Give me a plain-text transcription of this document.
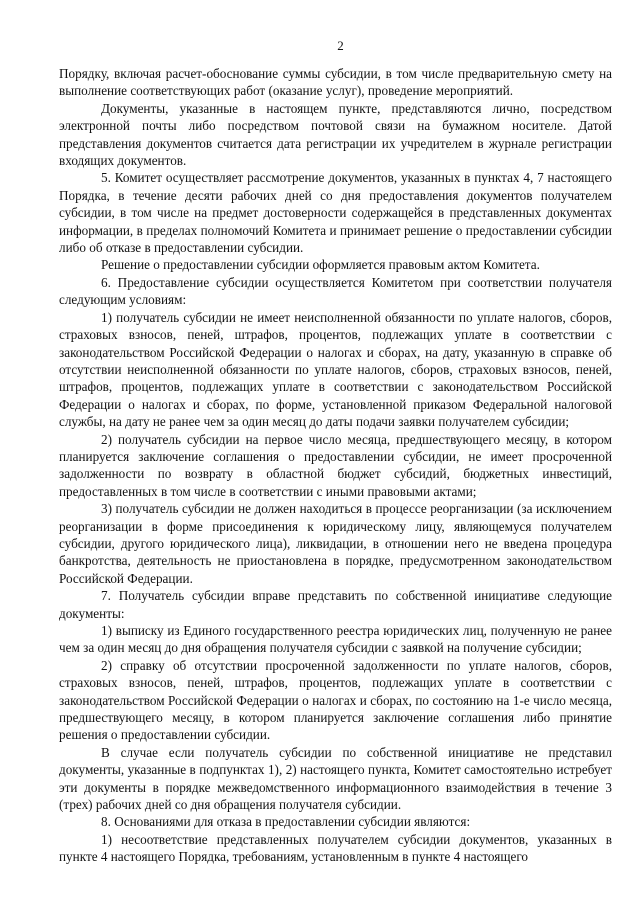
2

Порядку, включая расчет-обоснование суммы субсидии, в том числе предварительную смету на выполнение соответствующих работ (оказание услуг), проведение мероприятий.

Документы, указанные в настоящем пункте, представляются лично, посредством электронной почты либо посредством почтовой связи на бумажном носителе. Датой представления документов считается дата регистрации их учредителем в журнале регистрации входящих документов.

5. Комитет осуществляет рассмотрение документов, указанных в пунктах 4, 7 настоящего Порядка, в течение десяти рабочих дней со дня предоставления документов получателем субсидии, в том числе на предмет достоверности содержащейся в представленных документах информации, в пределах полномочий Комитета и принимает решение о предоставлении субсидии либо об отказе в предоставлении субсидии.

Решение о предоставлении субсидии оформляется правовым актом Комитета.

6. Предоставление субсидии осуществляется Комитетом при соответствии получателя следующим условиям:

1) получатель субсидии не имеет неисполненной обязанности по уплате налогов, сборов, страховых взносов, пеней, штрафов, процентов, подлежащих уплате в соответствии с законодательством Российской Федерации о налогах и сборах, на дату, указанную в справке об отсутствии неисполненной обязанности по уплате налогов, сборов, страховых взносов, пеней, штрафов, процентов, подлежащих уплате в соответствии с законодательством Российской Федерации о налогах и сборах, по форме, установленной приказом Федеральной налоговой службы, на дату не ранее чем за один месяц до даты подачи заявки получателем субсидии;

2) получатель субсидии на первое число месяца, предшествующего месяцу, в котором планируется заключение соглашения о предоставлении субсидии, не имеет просроченной задолженности по возврату в областной бюджет субсидий, бюджетных инвестиций, предоставленных в том числе в соответствии с иными правовыми актами;

3) получатель субсидии не должен находиться в процессе реорганизации (за исключением реорганизации в форме присоединения к юридическому лицу, являющемуся получателем субсидии, другого юридического лица), ликвидации, в отношении него не введена процедура банкротства, деятельность не приостановлена в порядке, предусмотренном законодательством Российской Федерации.

7. Получатель субсидии вправе представить по собственной инициативе следующие документы:

1) выписку из Единого государственного реестра юридических лиц, полученную не ранее чем за один месяц до дня обращения получателя субсидии с заявкой на получение субсидии;

2) справку об отсутствии просроченной задолженности по уплате налогов, сборов, страховых взносов, пеней, штрафов, процентов, подлежащих уплате в соответствии с законодательством Российской Федерации о налогах и сборах, по состоянию на 1-е число месяца, предшествующего месяцу, в котором планируется заключение соглашения либо принятие решения о предоставлении субсидии.

В случае если получатель субсидии по собственной инициативе не представил документы, указанные в подпунктах 1), 2) настоящего пункта, Комитет самостоятельно истребует эти документы в порядке межведомственного информационного взаимодействия в течение 3 (трех) рабочих дней со дня обращения получателя субсидии.

8. Основаниями для отказа в предоставлении субсидии являются:

1) несоответствие представленных получателем субсидии документов, указанных в пункте 4 настоящего Порядка, требованиям, установленным в пункте 4 настоящего
